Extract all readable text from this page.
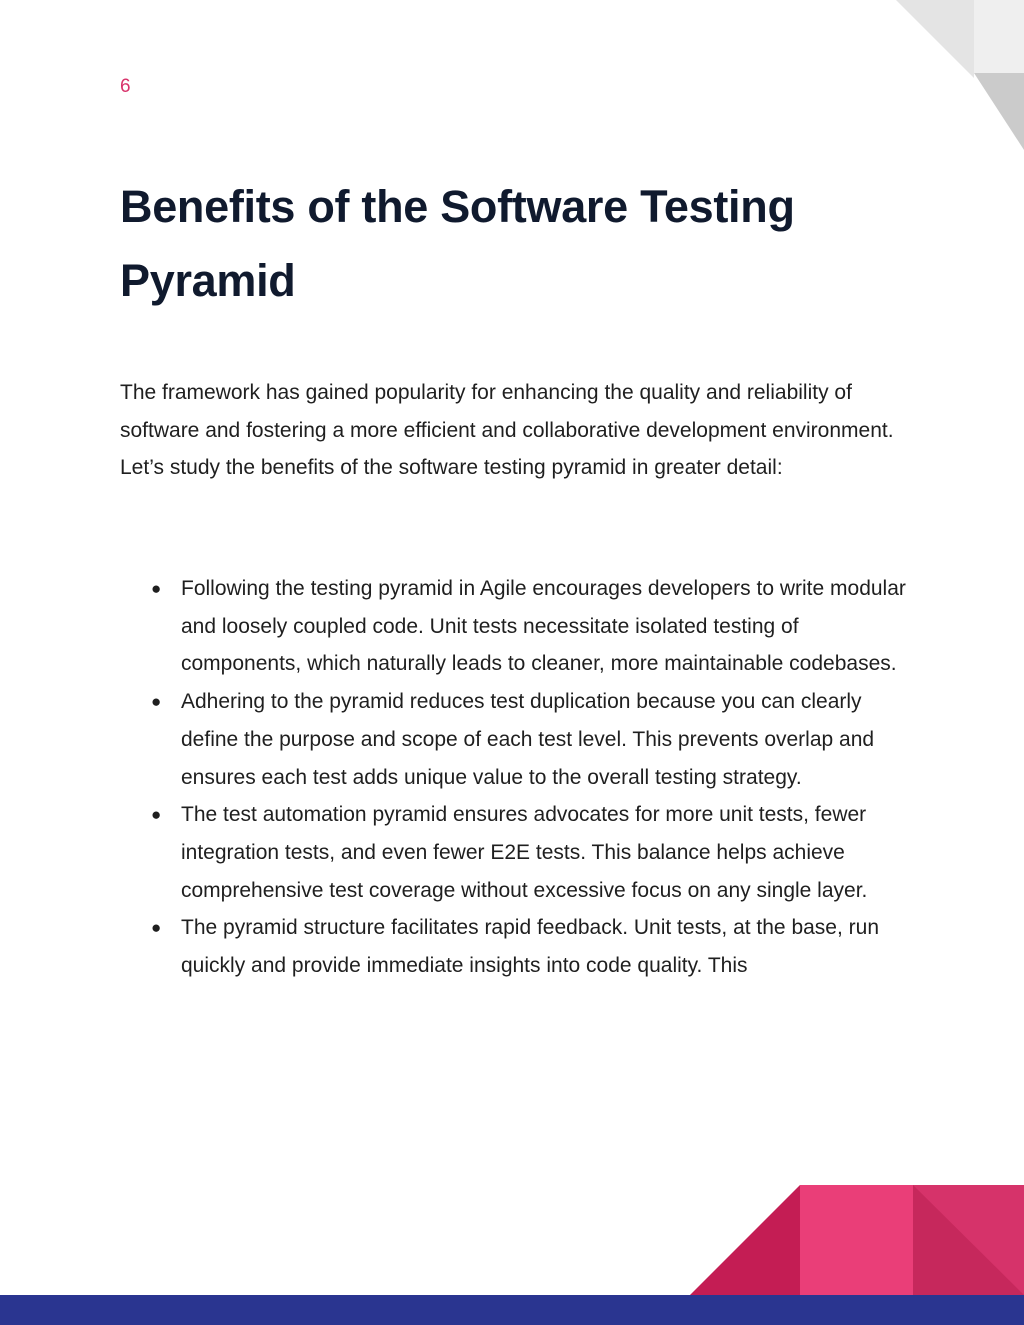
6
Benefits of the Software Testing Pyramid

The framework has gained popularity for enhancing the quality and reliability of software and fostering a more efficient and collaborative development environment. Let’s study the benefits of the software testing pyramid in greater detail:

● Following the testing pyramid in Agile encourages developers to write modular and loosely coupled code. Unit tests necessitate isolated testing of components, which naturally leads to cleaner, more maintainable codebases.
● Adhering to the pyramid reduces test duplication because you can clearly define the purpose and scope of each test level. This prevents overlap and ensures each test adds unique value to the overall testing strategy.
● The test automation pyramid ensures advocates for more unit tests, fewer integration tests, and even fewer E2E tests. This balance helps achieve comprehensive test coverage without excessive focus on any single layer.
● The pyramid structure facilitates rapid feedback. Unit tests, at the base, run quickly and provide immediate insights into code quality. This
